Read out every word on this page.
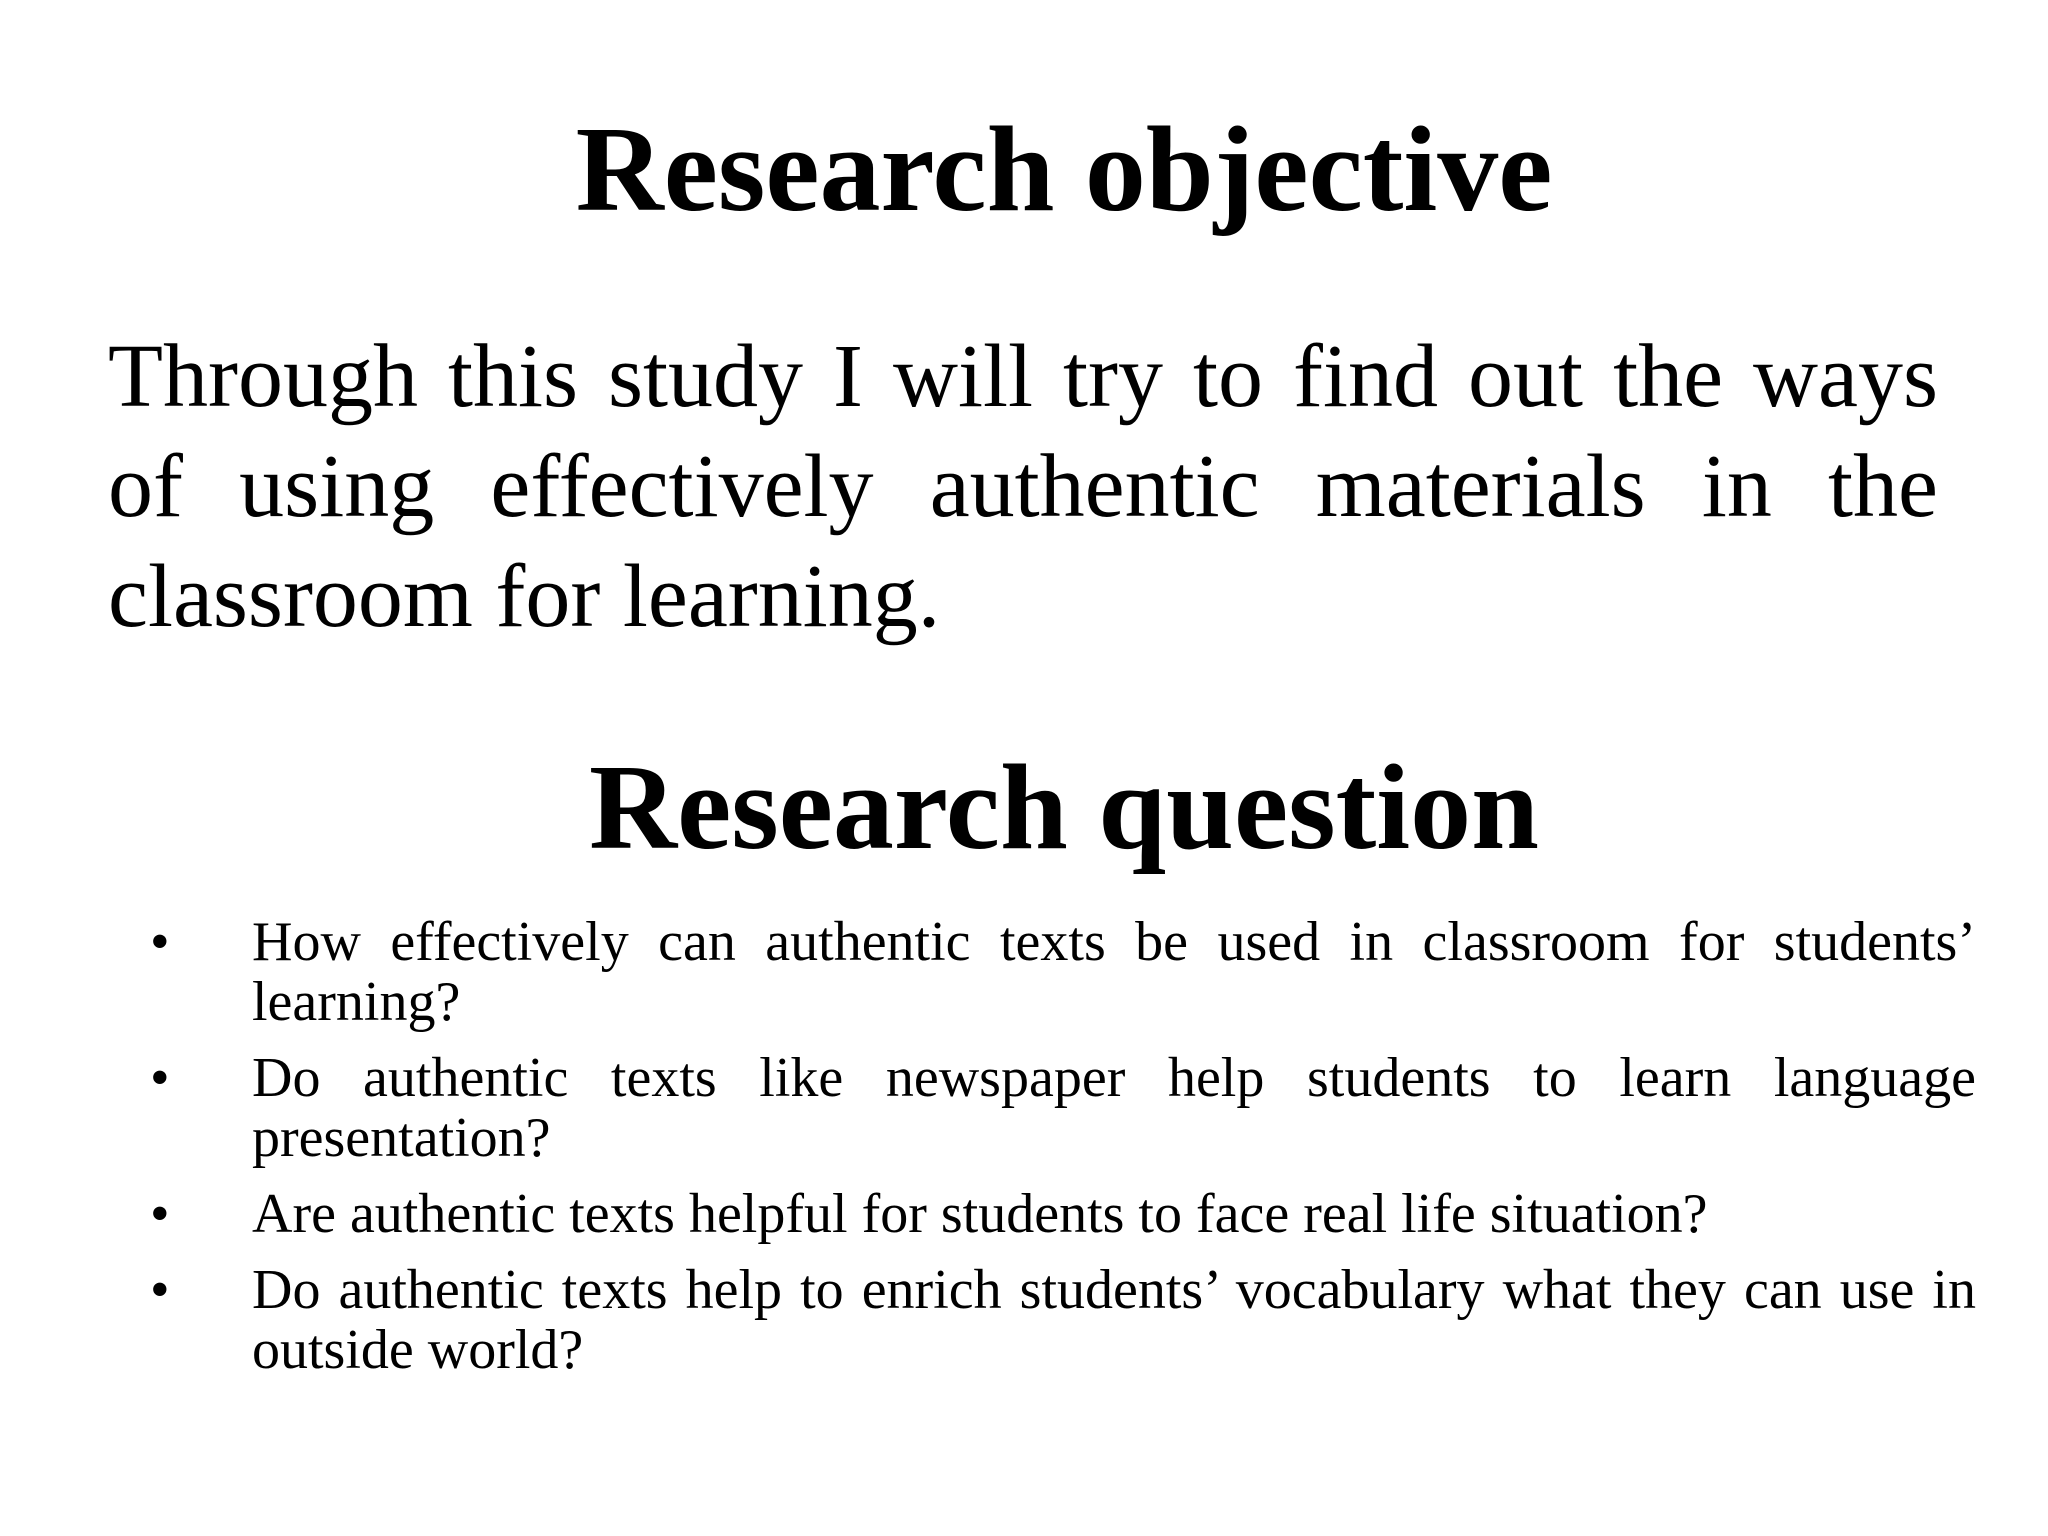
Research objective

Through this study I will try to find out the ways of using effectively authentic materials in the classroom for learning.

Research question
• How effectively can authentic texts be used in classroom for students’ learning?
• Do authentic texts like newspaper help students to learn language presentation?
• Are authentic texts helpful for students to face real life situation?
• Do authentic texts help to enrich students’ vocabulary what they can use in outside world?
